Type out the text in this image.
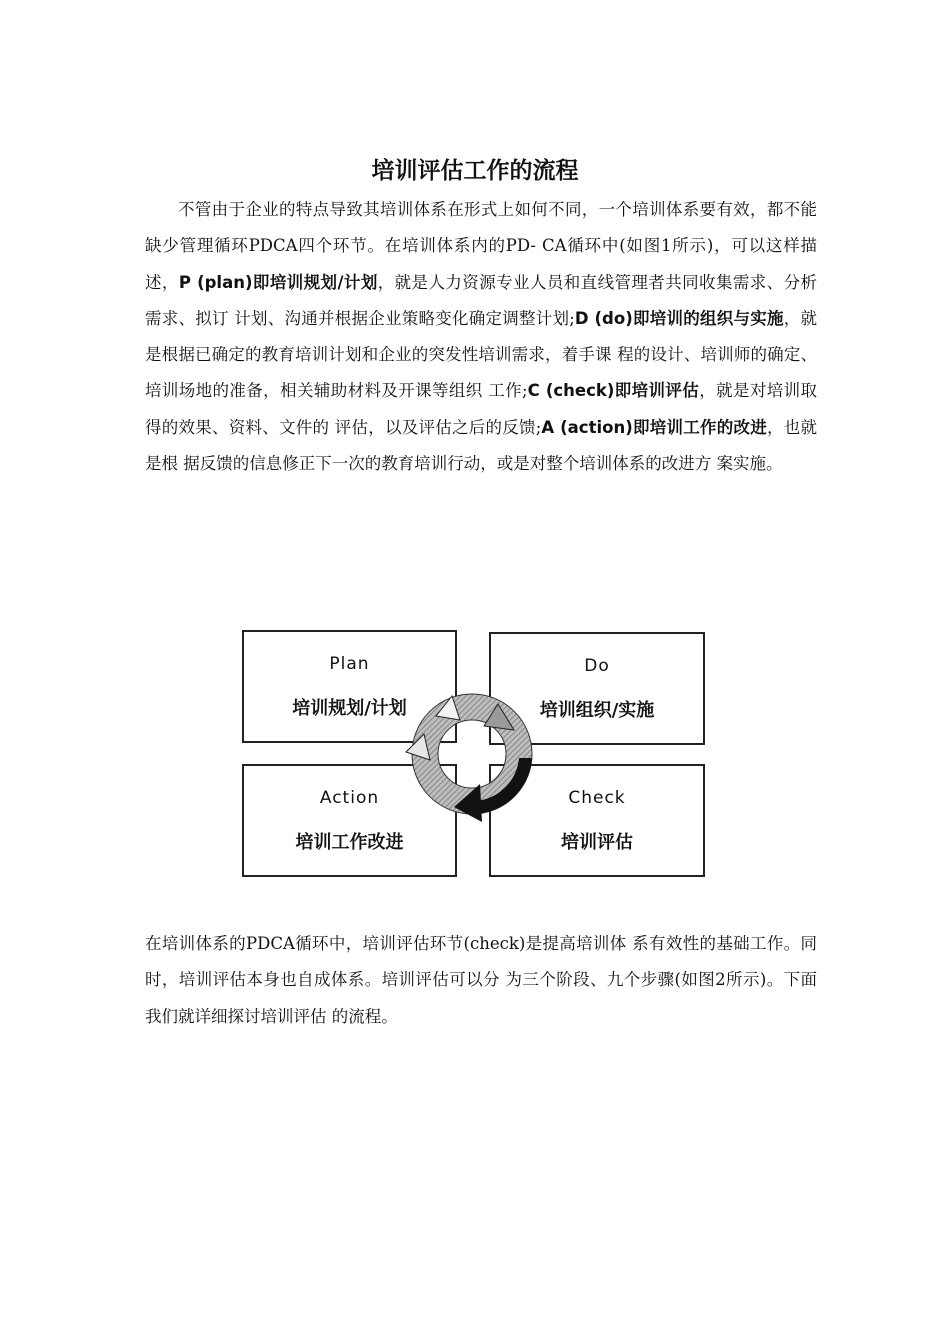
培训评估工作的流程

不管由于企业的特点导致其培训体系在形式上如何不同，一个培训体系要有效，都不能缺少管理循环PDCA四个环节。在培训体系内的PD- CA循环中(如图1所示)，可以这样描述，P (plan)即培训规划/计划，就是人力资源专业人员和直线管理者共同收集需求、分析需求、拟订 计划、沟通并根据企业策略变化确定调整计划;D (do)即培训的组织与实施，就是根据已确定的教育培训计划和企业的突发性培训需求，着手课 程的设计、培训师的确定、培训场地的准备，相关辅助材料及开课等组织 工作;C (check)即培训评估，就是对培训取得的效果、资料、文件的 评估，以及评估之后的反馈;A (action)即培训工作的改进，也就是根 据反馈的信息修正下一次的教育培训行动，或是对整个培训体系的改进方 案实施。

Plan
培训规划/计划
Do
培训组织/实施
Action
培训工作改进
Check
培训评估

在培训体系的PDCA循环中，培训评估环节(check)是提高培训体 系有效性的基础工作。同时，培训评估本身也自成体系。培训评估可以分 为三个阶段、九个步骤(如图2所示)。下面我们就详细探讨培训评估 的流程。
